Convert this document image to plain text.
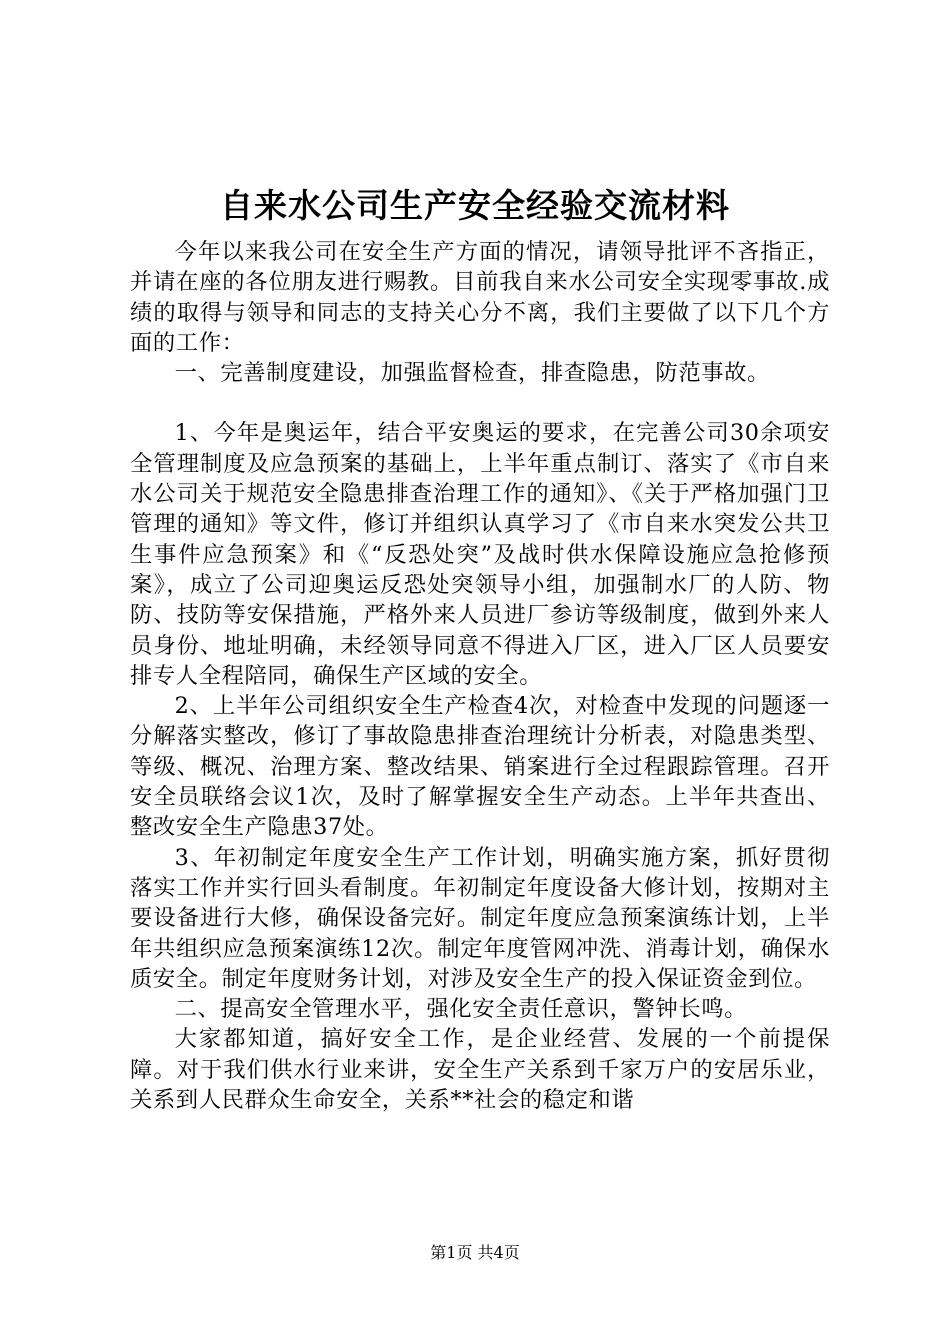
自来水公司生产安全经验交流材料

今年以来我公司在安全生产方面的情况，请领导批评不吝指正，并请在座的各位朋友进行赐教。目前我自来水公司安全实现零事故.成绩的取得与领导和同志的支持关心分不离，我们主要做了以下几个方面的工作：

一、完善制度建设，加强监督检查，排查隐患，防范事故。

1、今年是奥运年，结合平安奥运的要求，在完善公司30余项安全管理制度及应急预案的基础上，上半年重点制订、落实了《市自来水公司关于规范安全隐患排查治理工作的通知》、《关于严格加强门卫管理的通知》等文件，修订并组织认真学习了《市自来水突发公共卫生事件应急预案》和《“反恐处突”及战时供水保障设施应急抢修预案》，成立了公司迎奥运反恐处突领导小组，加强制水厂的人防、物防、技防等安保措施，严格外来人员进厂参访等级制度，做到外来人员身份、地址明确，未经领导同意不得进入厂区，进入厂区人员要安排专人全程陪同，确保生产区域的安全。

2、上半年公司组织安全生产检查4次，对检查中发现的问题逐一分解落实整改，修订了事故隐患排查治理统计分析表，对隐患类型、等级、概况、治理方案、整改结果、销案进行全过程跟踪管理。召开安全员联络会议1次，及时了解掌握安全生产动态。上半年共查出、整改安全生产隐患37处。

3、年初制定年度安全生产工作计划，明确实施方案，抓好贯彻落实工作并实行回头看制度。年初制定年度设备大修计划，按期对主要设备进行大修，确保设备完好。制定年度应急预案演练计划，上半年共组织应急预案演练12次。制定年度管网冲洗、消毒计划，确保水质安全。制定年度财务计划，对涉及安全生产的投入保证资金到位。

二、提高安全管理水平，强化安全责任意识，警钟长鸣。

大家都知道，搞好安全工作，是企业经营、发展的一个前提保障。对于我们供水行业来讲，安全生产关系到千家万户的安居乐业，关系到人民群众生命安全，关系**社会的稳定和谐

第1页 共4页
